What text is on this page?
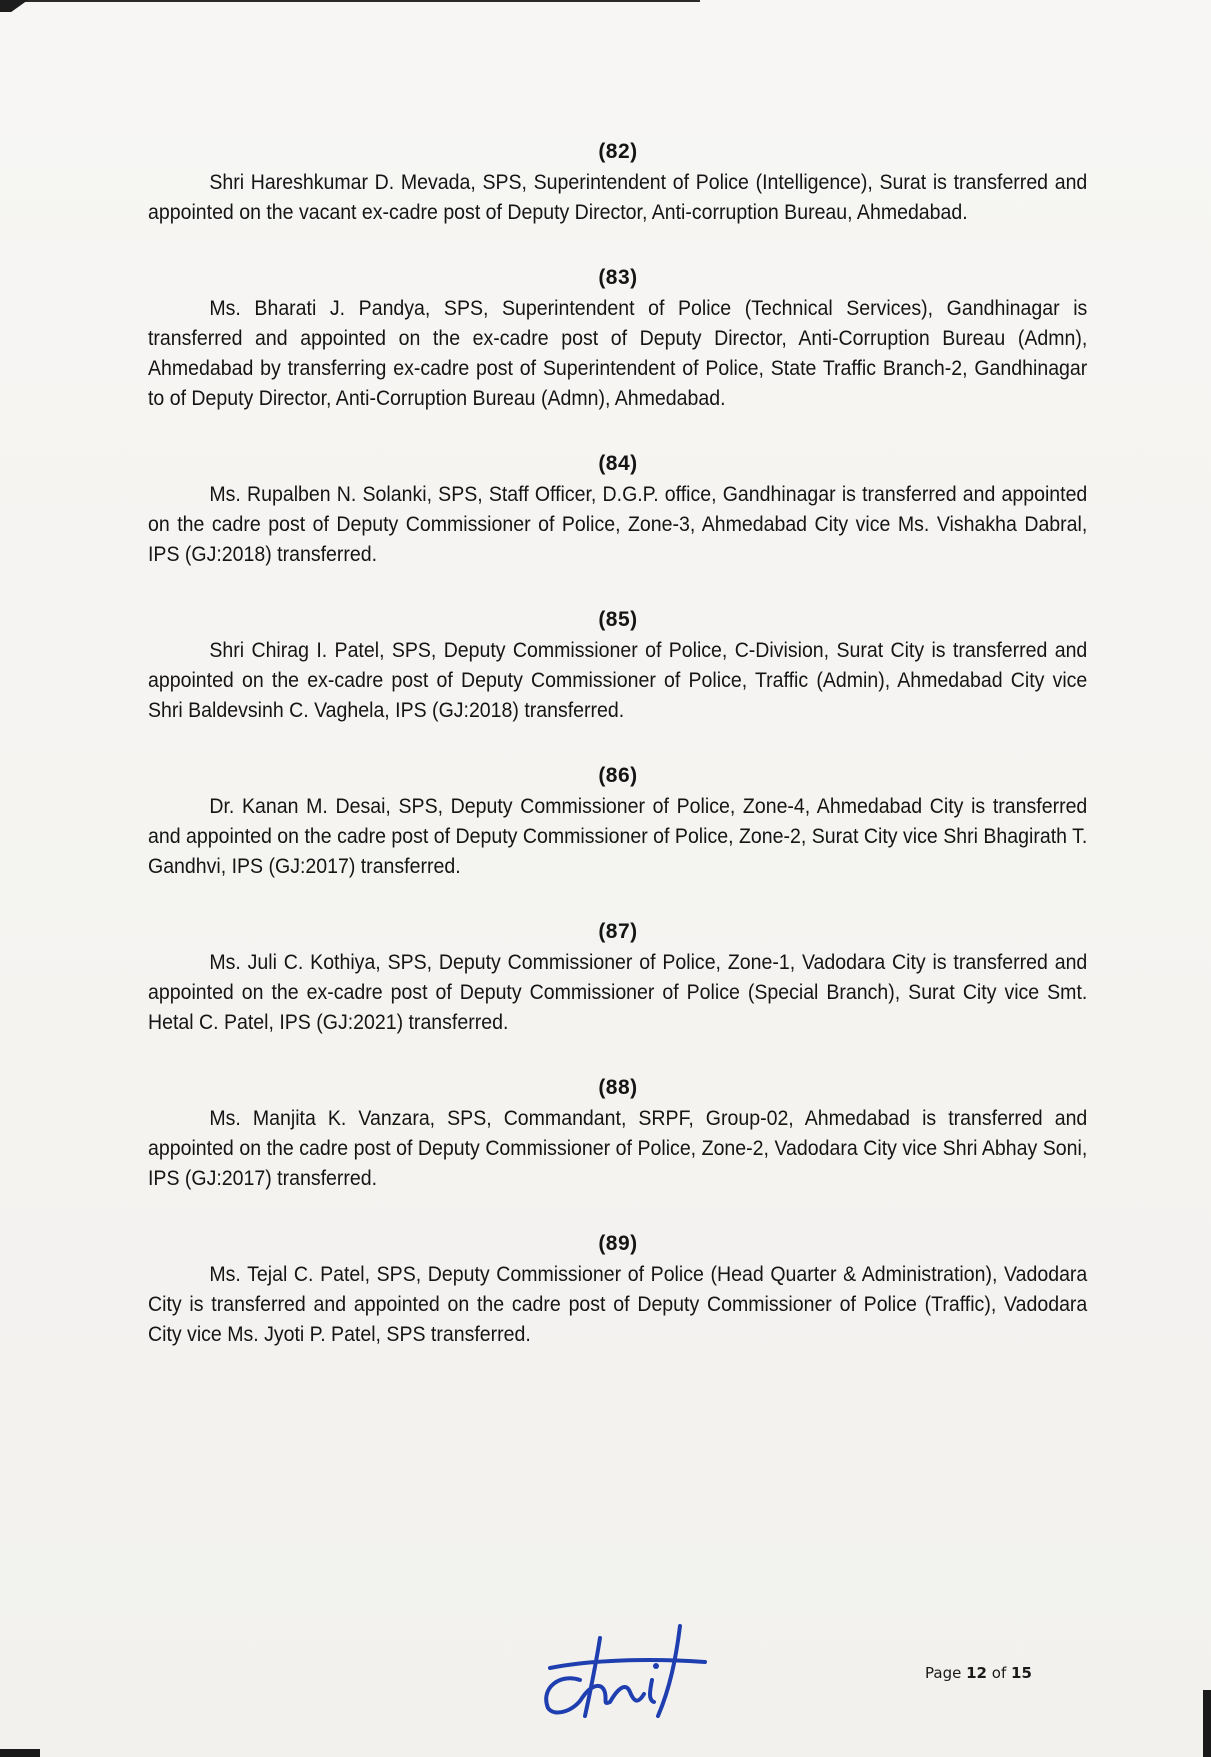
(82)

Shri Hareshkumar D. Mevada, SPS, Superintendent of Police (Intelligence), Surat is transferred and appointed on the vacant ex-cadre post of Deputy Director, Anti-corruption Bureau, Ahmedabad.

(83)

Ms. Bharati J. Pandya, SPS, Superintendent of Police (Technical Services), Gandhinagar is transferred and appointed on the ex-cadre post of Deputy Director, Anti-Corruption Bureau (Admn), Ahmedabad by transferring ex-cadre post of Superintendent of Police, State Traffic Branch-2, Gandhinagar to of Deputy Director, Anti-Corruption Bureau (Admn), Ahmedabad.

(84)

Ms. Rupalben N. Solanki, SPS, Staff Officer, D.G.P. office, Gandhinagar is transferred and appointed on the cadre post of Deputy Commissioner of Police, Zone-3, Ahmedabad City vice Ms. Vishakha Dabral, IPS (GJ:2018) transferred.

(85)

Shri Chirag I. Patel, SPS, Deputy Commissioner of Police, C-Division, Surat City is transferred and appointed on the ex-cadre post of Deputy Commissioner of Police, Traffic (Admin), Ahmedabad City vice Shri Baldevsinh C. Vaghela, IPS (GJ:2018) transferred.

(86)

Dr. Kanan M. Desai, SPS, Deputy Commissioner of Police, Zone-4, Ahmedabad City is transferred and appointed on the cadre post of Deputy Commissioner of Police, Zone-2, Surat City vice Shri Bhagirath T. Gandhvi, IPS (GJ:2017) transferred.

(87)

Ms. Juli C. Kothiya, SPS, Deputy Commissioner of Police, Zone-1, Vadodara City is transferred and appointed on the ex-cadre post of Deputy Commissioner of Police (Special Branch), Surat City vice Smt. Hetal C. Patel, IPS (GJ:2021) transferred.

(88)

Ms. Manjita K. Vanzara, SPS, Commandant, SRPF, Group-02, Ahmedabad is transferred and appointed on the cadre post of Deputy Commissioner of Police, Zone-2, Vadodara City vice Shri Abhay Soni, IPS (GJ:2017) transferred.

(89)

Ms. Tejal C. Patel, SPS, Deputy Commissioner of Police (Head Quarter & Administration), Vadodara City is transferred and appointed on the cadre post of Deputy Commissioner of Police (Traffic), Vadodara City vice Ms. Jyoti P. Patel, SPS transferred.

Page 12 of 15
